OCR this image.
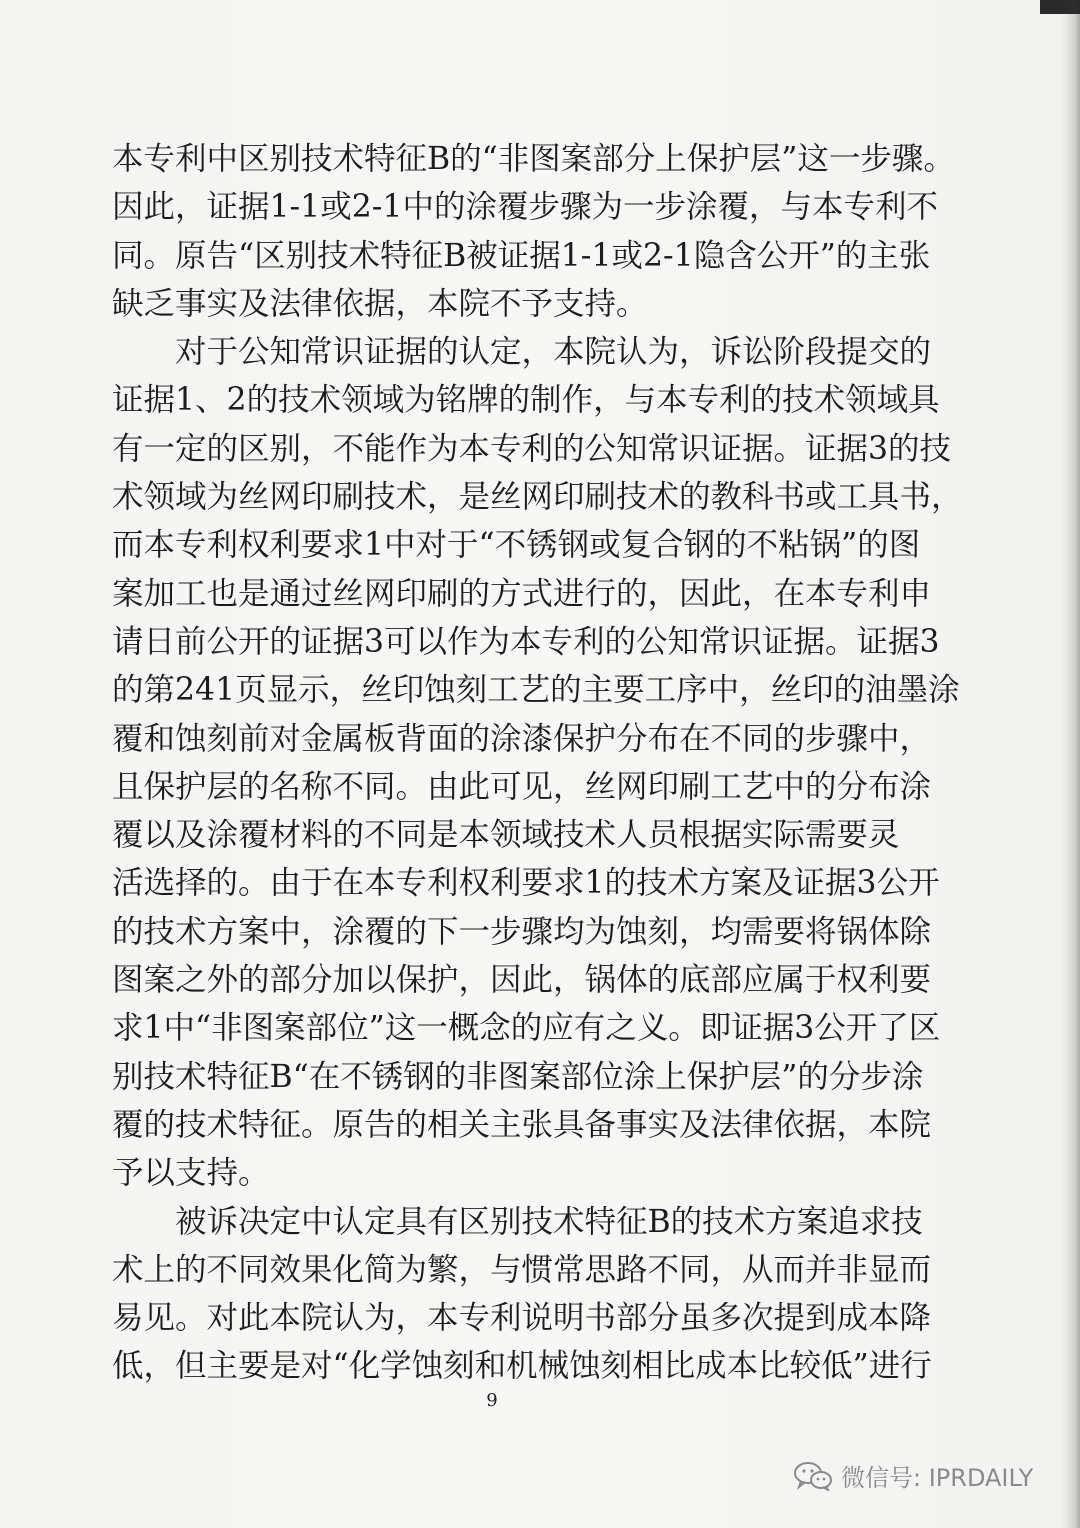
本专利中区别技术特征B的“非图案部分上保护层”这一步骤。
因此，证据1-1或2-1中的涂覆步骤为一步涂覆，与本专利不
同。原告“区别技术特征B被证据1-1或2-1隐含公开”的主张
缺乏事实及法律依据，本院不予支持。
　　对于公知常识证据的认定，本院认为，诉讼阶段提交的
证据1、2的技术领域为铭牌的制作，与本专利的技术领域具
有一定的区别，不能作为本专利的公知常识证据。证据3的技
术领域为丝网印刷技术，是丝网印刷技术的教科书或工具书，
而本专利权利要求1中对于“不锈钢或复合钢的不粘锅”的图
案加工也是通过丝网印刷的方式进行的，因此，在本专利申
请日前公开的证据3可以作为本专利的公知常识证据。证据3
的第241页显示，丝印蚀刻工艺的主要工序中，丝印的油墨涂
覆和蚀刻前对金属板背面的涂漆保护分布在不同的步骤中，
且保护层的名称不同。由此可见，丝网印刷工艺中的分布涂
覆以及涂覆材料的不同是本领域技术人员根据实际需要灵
活选择的。由于在本专利权利要求1的技术方案及证据3公开
的技术方案中，涂覆的下一步骤均为蚀刻，均需要将锅体除
图案之外的部分加以保护，因此，锅体的底部应属于权利要
求1中“非图案部位”这一概念的应有之义。即证据3公开了区
别技术特征B“在不锈钢的非图案部位涂上保护层”的分步涂
覆的技术特征。原告的相关主张具备事实及法律依据，本院
予以支持。
　　被诉决定中认定具有区别技术特征B的技术方案追求技
术上的不同效果化简为繁，与惯常思路不同，从而并非显而
易见。对此本院认为，本专利说明书部分虽多次提到成本降
低，但主要是对“化学蚀刻和机械蚀刻相比成本比较低”进行
9
微信号: IPRDAILY
